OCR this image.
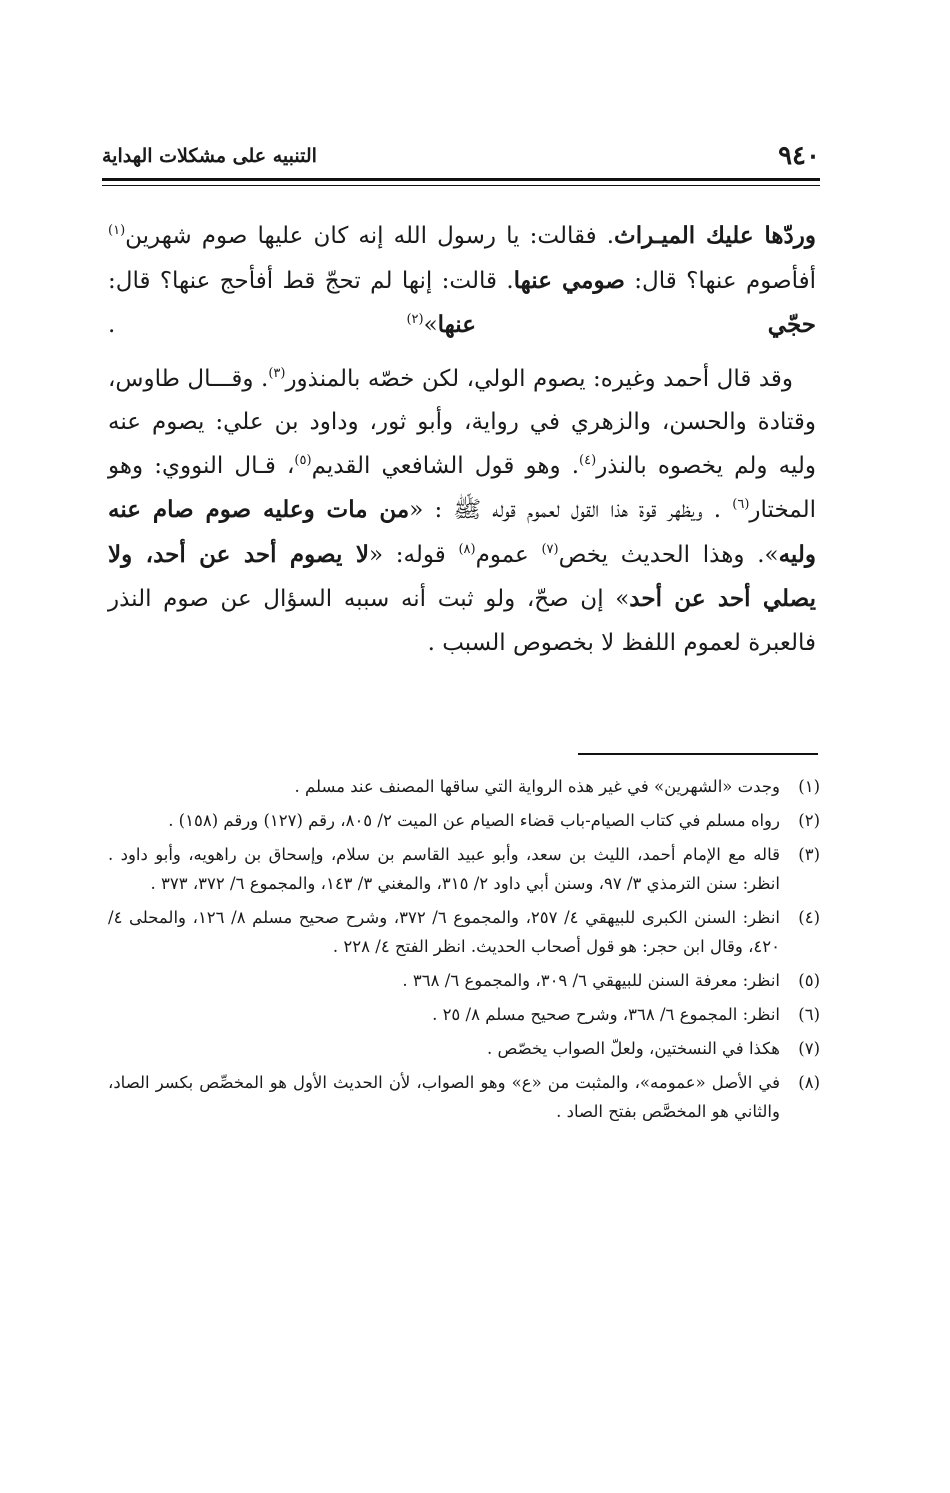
٩٤٠
التنبيه على مشكلات الهداية

وردّها عليك الميـراث. فقالت: يا رسول الله إنه كان عليها صوم شهرين$^{(١)}$ أفأصوم عنها؟ قال: صومي عنها. قالت: إنها لم تحجّ قط أفأحج عنها؟ قال: حجّي عنها»$^{(٢)}$ .

 وقد قال أحمد وغيره: يصوم الولي، لكن خصّه بالمنذور$^{(٣)}$. وقـــال طاوس، وقتادة والحسن، والزهري في رواية، وأبو ثور، وداود بن علي: يصوم عنه وليه ولم يخصوه بالنذر$^{(٤)}$. وهو قول الشافعي القديم$^{(٥)}$، قـال النووي: وهو المختار$^{(٦)}$ . ويظهر قوة هذا القول لعموم قوله ﷺ : «من مات وعليه صوم صام عنه وليه». وهذا الحديث يخص$^{(٧)}$ عموم$^{(٨)}$ قوله: «لا يصوم أحد عن أحد، ولا يصلي أحد عن أحد» إن صحّ، ولو ثبت أنه سببه السؤال عن صوم النذر فالعبرة لعموم اللفظ لا بخصوص السبب .

(١)
وجدت «الشهرين» في غير هذه الرواية التي ساقها المصنف عند مسلم .
(٢)
رواه مسلم في كتاب الصيام-باب قضاء الصيام عن الميت ٢/ ٨٠٥، رقم (١٢٧) ورقم (١٥٨) .
(٣)
قاله مع الإمام أحمد، الليث بن سعد، وأبو عبيد القاسم بن سلام، وإسحاق بن راهويه، وأبو داود . انظر: سنن الترمذي ٣/ ٩٧، وسنن أبي داود ٢/ ٣١٥، والمغني ٣/ ١٤٣، والمجموع ٦/ ٣٧٢، ٣٧٣ .
(٤)
انظر: السنن الكبرى للبيهقي ٤/ ٢٥٧، والمجموع ٦/ ٣٧٢، وشرح صحيح مسلم ٨/ ١٢٦، والمحلى ٤/ ٤٢٠، وقال ابن حجر: هو قول أصحاب الحديث. انظر الفتح ٤/ ٢٢٨ .
(٥)
انظر: معرفة السنن للبيهقي ٦/ ٣٠٩، والمجموع ٦/ ٣٦٨ .
(٦)
انظر: المجموع ٦/ ٣٦٨، وشرح صحيح مسلم ٨/ ٢٥ .
(٧)
هكذا في النسختين، ولعلّ الصواب يخصّص .
(٨)
في الأصل «عمومه»، والمثبت من «ع» وهو الصواب، لأن الحديث الأول هو المخصِّص بكسر الصاد، والثاني هو المخصَّص بفتح الصاد .
